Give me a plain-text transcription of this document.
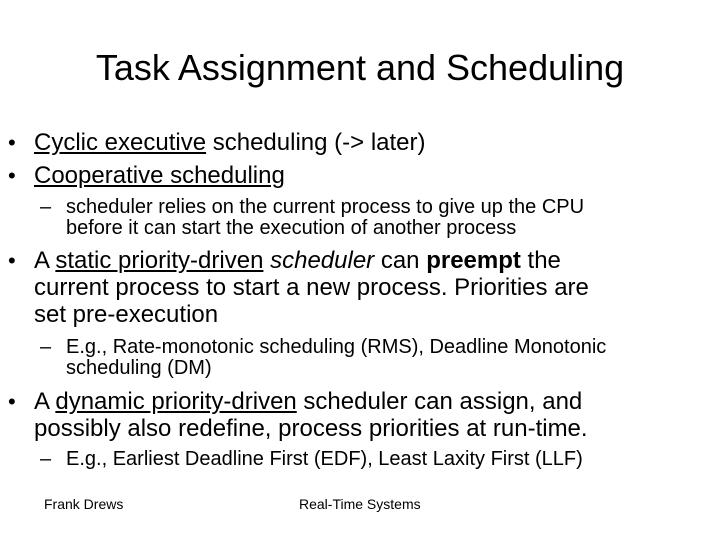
Task Assignment and Scheduling
• Cyclic executive scheduling (-> later)
• Cooperative scheduling
– scheduler relies on the current process to give up the CPU
before it can start the execution of another process
• A static priority-driven scheduler can preempt the
current process to start a new process. Priorities are
set pre-execution
– E.g., Rate-monotonic scheduling (RMS), Deadline Monotonic
scheduling (DM)
• A dynamic priority-driven scheduler can assign, and
possibly also redefine, process priorities at run-time.
– E.g., Earliest Deadline First (EDF), Least Laxity First (LLF)
Frank Drews	Real-Time Systems
